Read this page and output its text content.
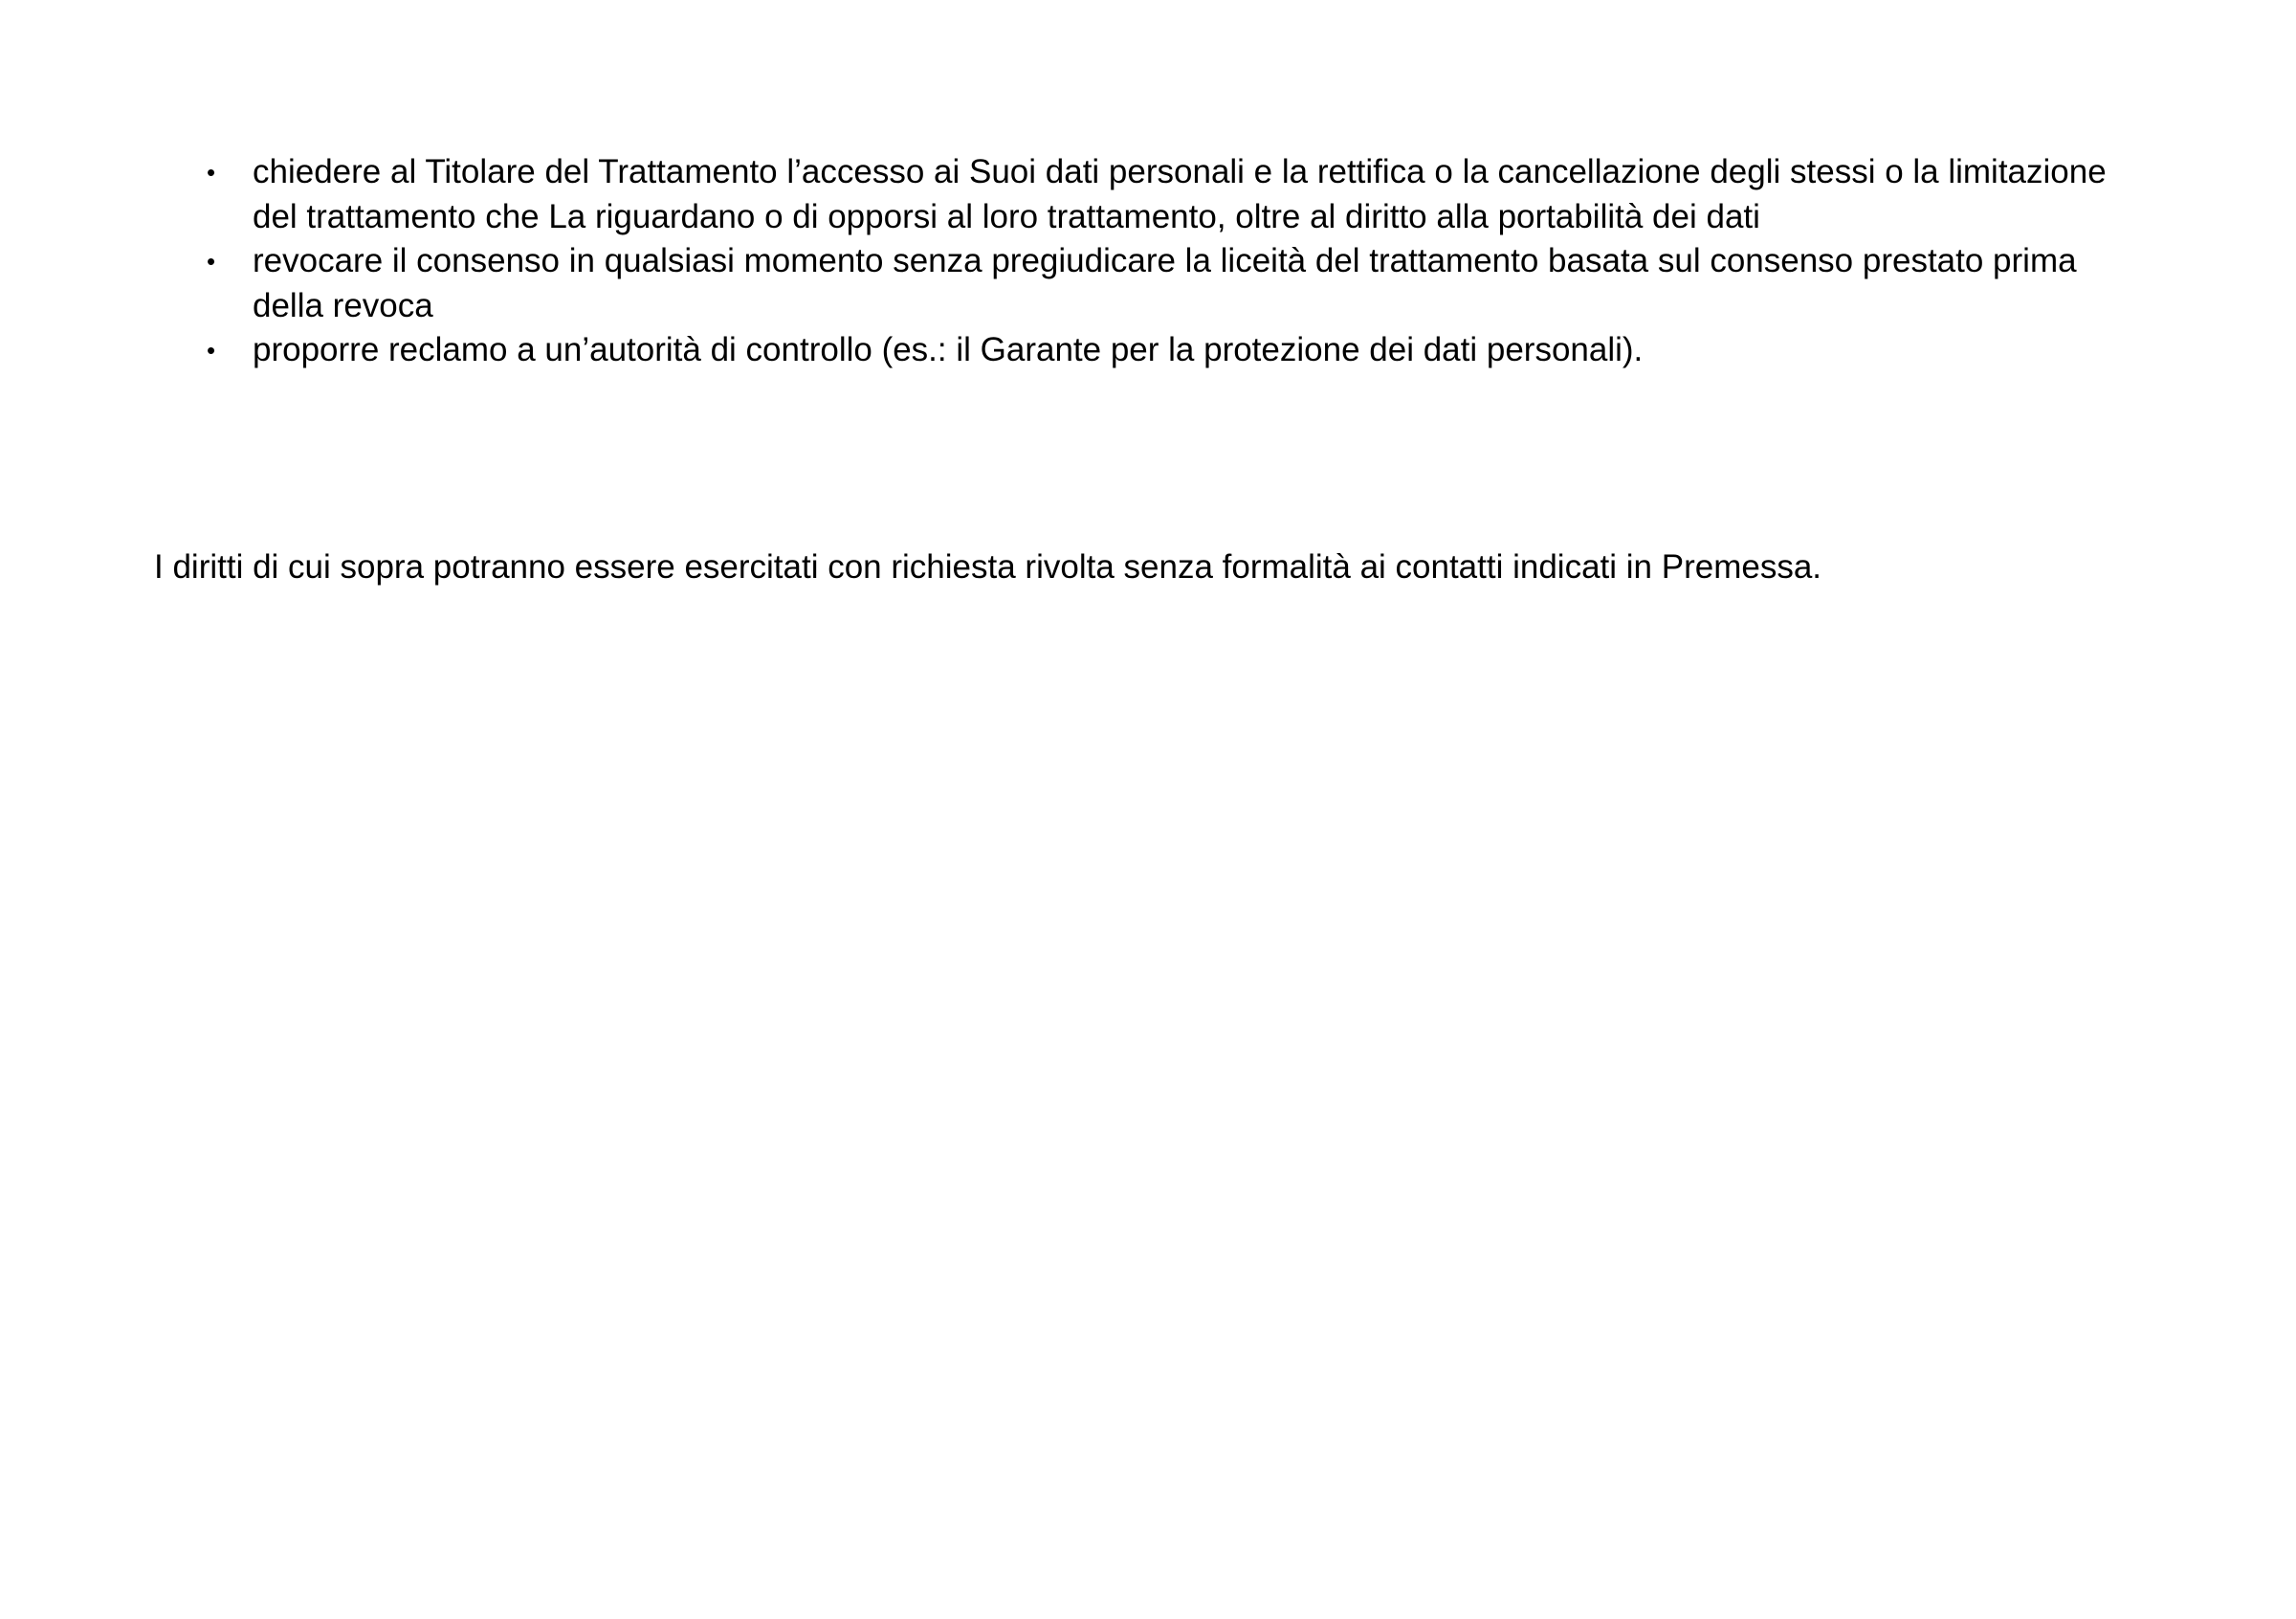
• chiedere al Titolare del Trattamento l’accesso ai Suoi dati personali e la rettifica o la cancellazione degli stessi o la limitazione del trattamento che La riguardano o di opporsi al loro trattamento, oltre al diritto alla portabilità dei dati
• revocare il consenso in qualsiasi momento senza pregiudicare la liceità del trattamento basata sul consenso prestato prima della revoca
• proporre reclamo a un’autorità di controllo (es.: il Garante per la protezione dei dati personali).

I diritti di cui sopra potranno essere esercitati con richiesta rivolta senza formalità ai contatti indicati in Premessa.
